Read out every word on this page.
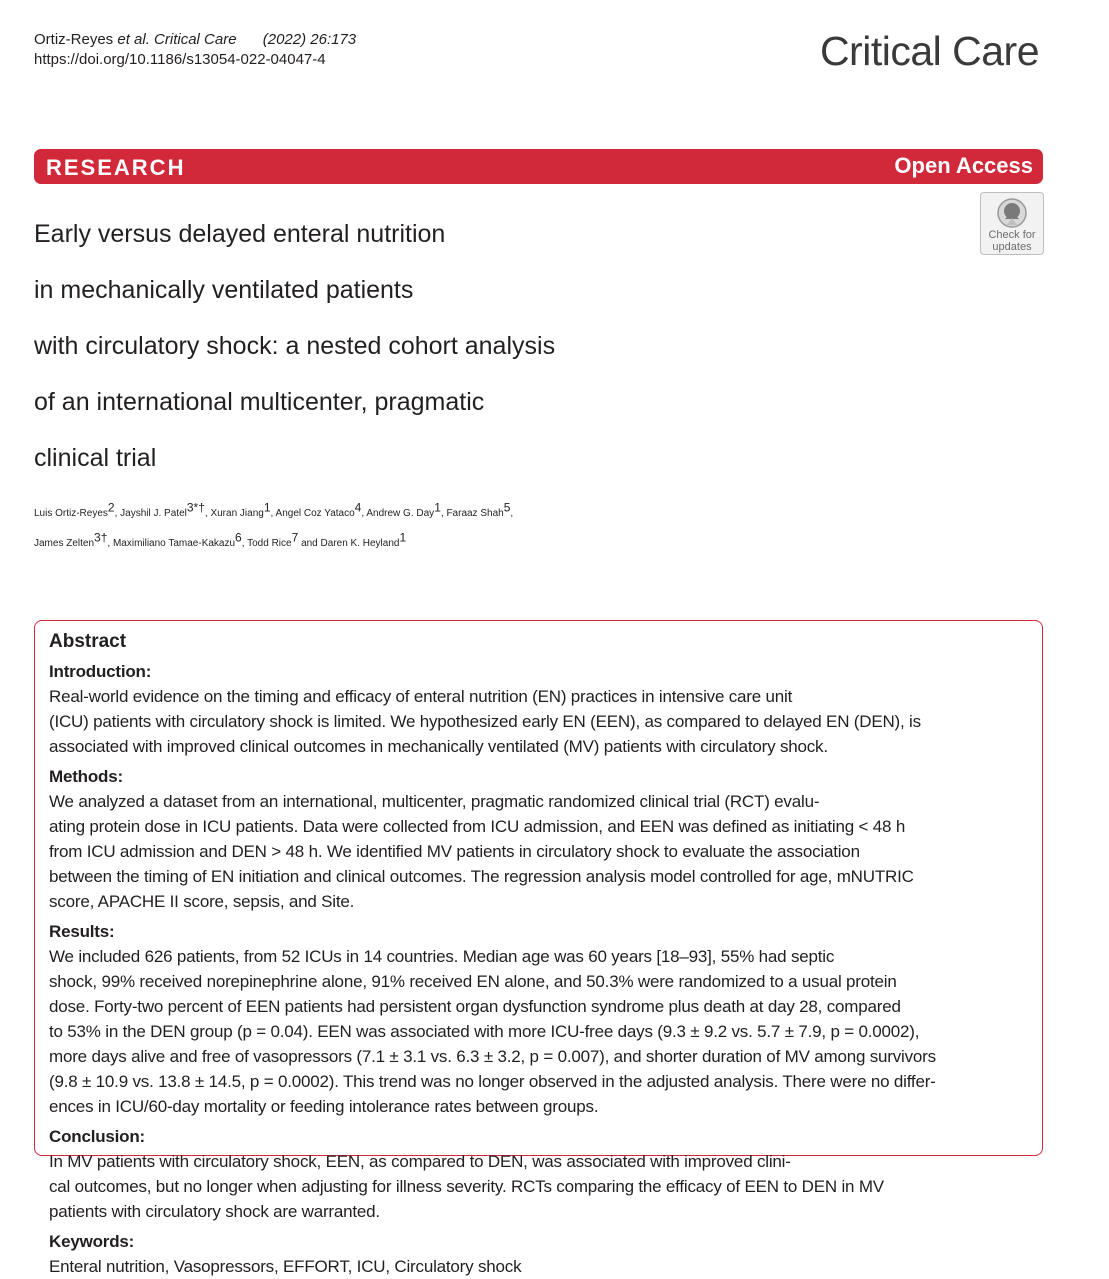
Ortiz-Reyes et al. Critical Care (2022) 26:173
https://doi.org/10.1186/s13054-022-04047-4	Critical Care
RESEARCH	Open Access
Check for
updates
Early versus delayed enteral nutrition
in mechanically ventilated patients
with circulatory shock: a nested cohort analysis
of an international multicenter, pragmatic
clinical trial
Luis Ortiz-Reyes$^2$, Jayshil J. Patel$^{3*\dagger}$, Xuran Jiang$^1$, Angel Coz Yataco$^4$, Andrew G. Day$^1$, Faraaz Shah$^5$,
James Zelten$^{3\dagger}$, Maximiliano Tamae-Kakazu$^6$, Todd Rice$^7$ and Daren K. Heyland$^1$
Abstract
Introduction:
Real-world evidence on the timing and efficacy of enteral nutrition (EN) practices in intensive care unit
(ICU) patients with circulatory shock is limited. We hypothesized early EN (EEN), as compared to delayed EN (DEN), is
associated with improved clinical outcomes in mechanically ventilated (MV) patients with circulatory shock.
Methods:
We analyzed a dataset from an international, multicenter, pragmatic randomized clinical trial (RCT) evalu-
ating protein dose in ICU patients. Data were collected from ICU admission, and EEN was defined as initiating < 48 h
from ICU admission and DEN > 48 h. We identified MV patients in circulatory shock to evaluate the association
between the timing of EN initiation and clinical outcomes. The regression analysis model controlled for age, mNUTRIC
score, APACHE II score, sepsis, and Site.
Results:
We included 626 patients, from 52 ICUs in 14 countries. Median age was 60 years [18–93], 55% had septic
shock, 99% received norepinephrine alone, 91% received EN alone, and 50.3% were randomized to a usual protein
dose. Forty-two percent of EEN patients had persistent organ dysfunction syndrome plus death at day 28, compared
to 53% in the DEN group (p = 0.04). EEN was associated with more ICU-free days (9.3 ± 9.2 vs. 5.7 ± 7.9, p = 0.0002),
more days alive and free of vasopressors (7.1 ± 3.1 vs. 6.3 ± 3.2, p = 0.007), and shorter duration of MV among survivors
(9.8 ± 10.9 vs. 13.8 ± 14.5, p = 0.0002). This trend was no longer observed in the adjusted analysis. There were no differ-
ences in ICU/60-day mortality or feeding intolerance rates between groups.
Conclusion:
In MV patients with circulatory shock, EEN, as compared to DEN, was associated with improved clini-
cal outcomes, but no longer when adjusting for illness severity. RCTs comparing the efficacy of EEN to DEN in MV
patients with circulatory shock are warranted.
Keywords:
Enteral nutrition, Vasopressors, EFFORT, ICU, Circulatory shock
